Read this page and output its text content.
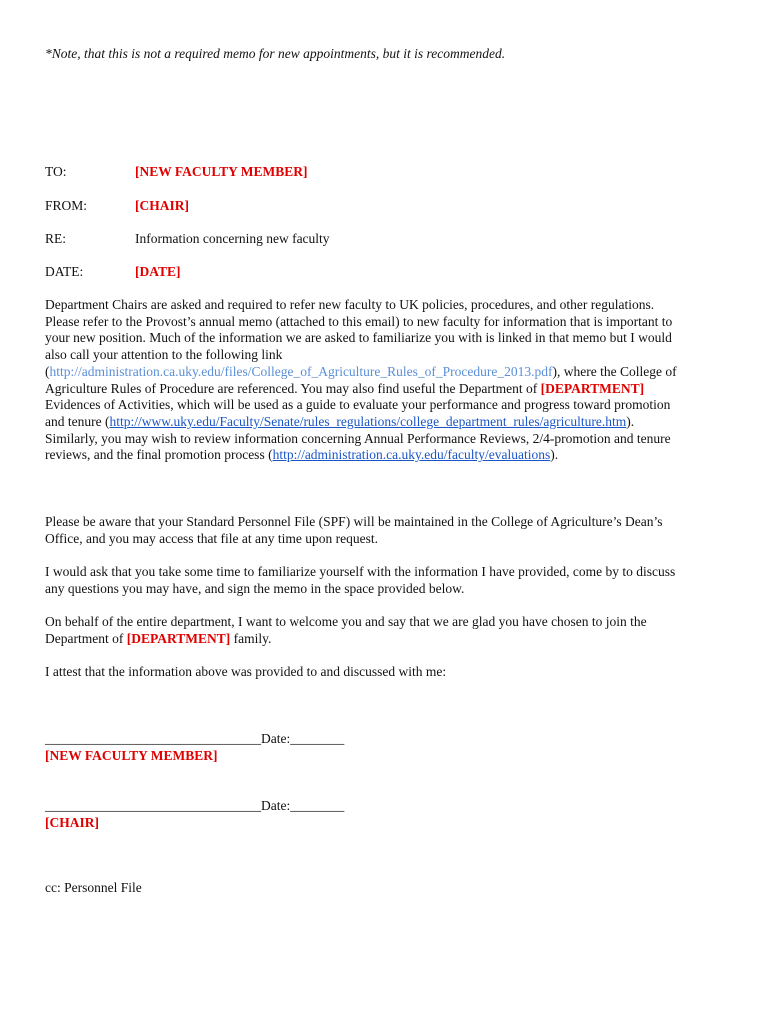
*Note, that this is not a required memo for new appointments, but it is recommended.
TO:	[NEW FACULTY MEMBER]
FROM:	[CHAIR]
RE:	Information concerning new faculty
DATE:	[DATE]
Department Chairs are asked and required to refer new faculty to UK policies, procedures, and other regulations. Please refer to the Provost’s annual memo (attached to this email) to new faculty for information that is important to your new position. Much of the information we are asked to familiarize you with is linked in that memo but I would also call your attention to the following link (http://administration.ca.uky.edu/files/College_of_Agriculture_Rules_of_Procedure_2013.pdf), where the College of Agriculture Rules of Procedure are referenced. You may also find useful the Department of [DEPARTMENT] Evidences of Activities, which will be used as a guide to evaluate your performance and progress toward promotion and tenure (http://www.uky.edu/Faculty/Senate/rules_regulations/college_department_rules/agriculture.htm). Similarly, you may wish to review information concerning Annual Performance Reviews, 2/4-promotion and tenure reviews, and the final promotion process (http://administration.ca.uky.edu/faculty/evaluations).
Please be aware that your Standard Personnel File (SPF) will be maintained in the College of Agriculture’s Dean’s Office, and you may access that file at any time upon request.
I would ask that you take some time to familiarize yourself with the information I have provided, come by to discuss any questions you may have, and sign the memo in the space provided below.
On behalf of the entire department, I want to welcome you and say that we are glad you have chosen to join the Department of [DEPARTMENT] family.
I attest that the information above was provided to and discussed with me:
________________________________Date:________
[NEW FACULTY MEMBER]
________________________________Date:________
[CHAIR]
cc: Personnel File
